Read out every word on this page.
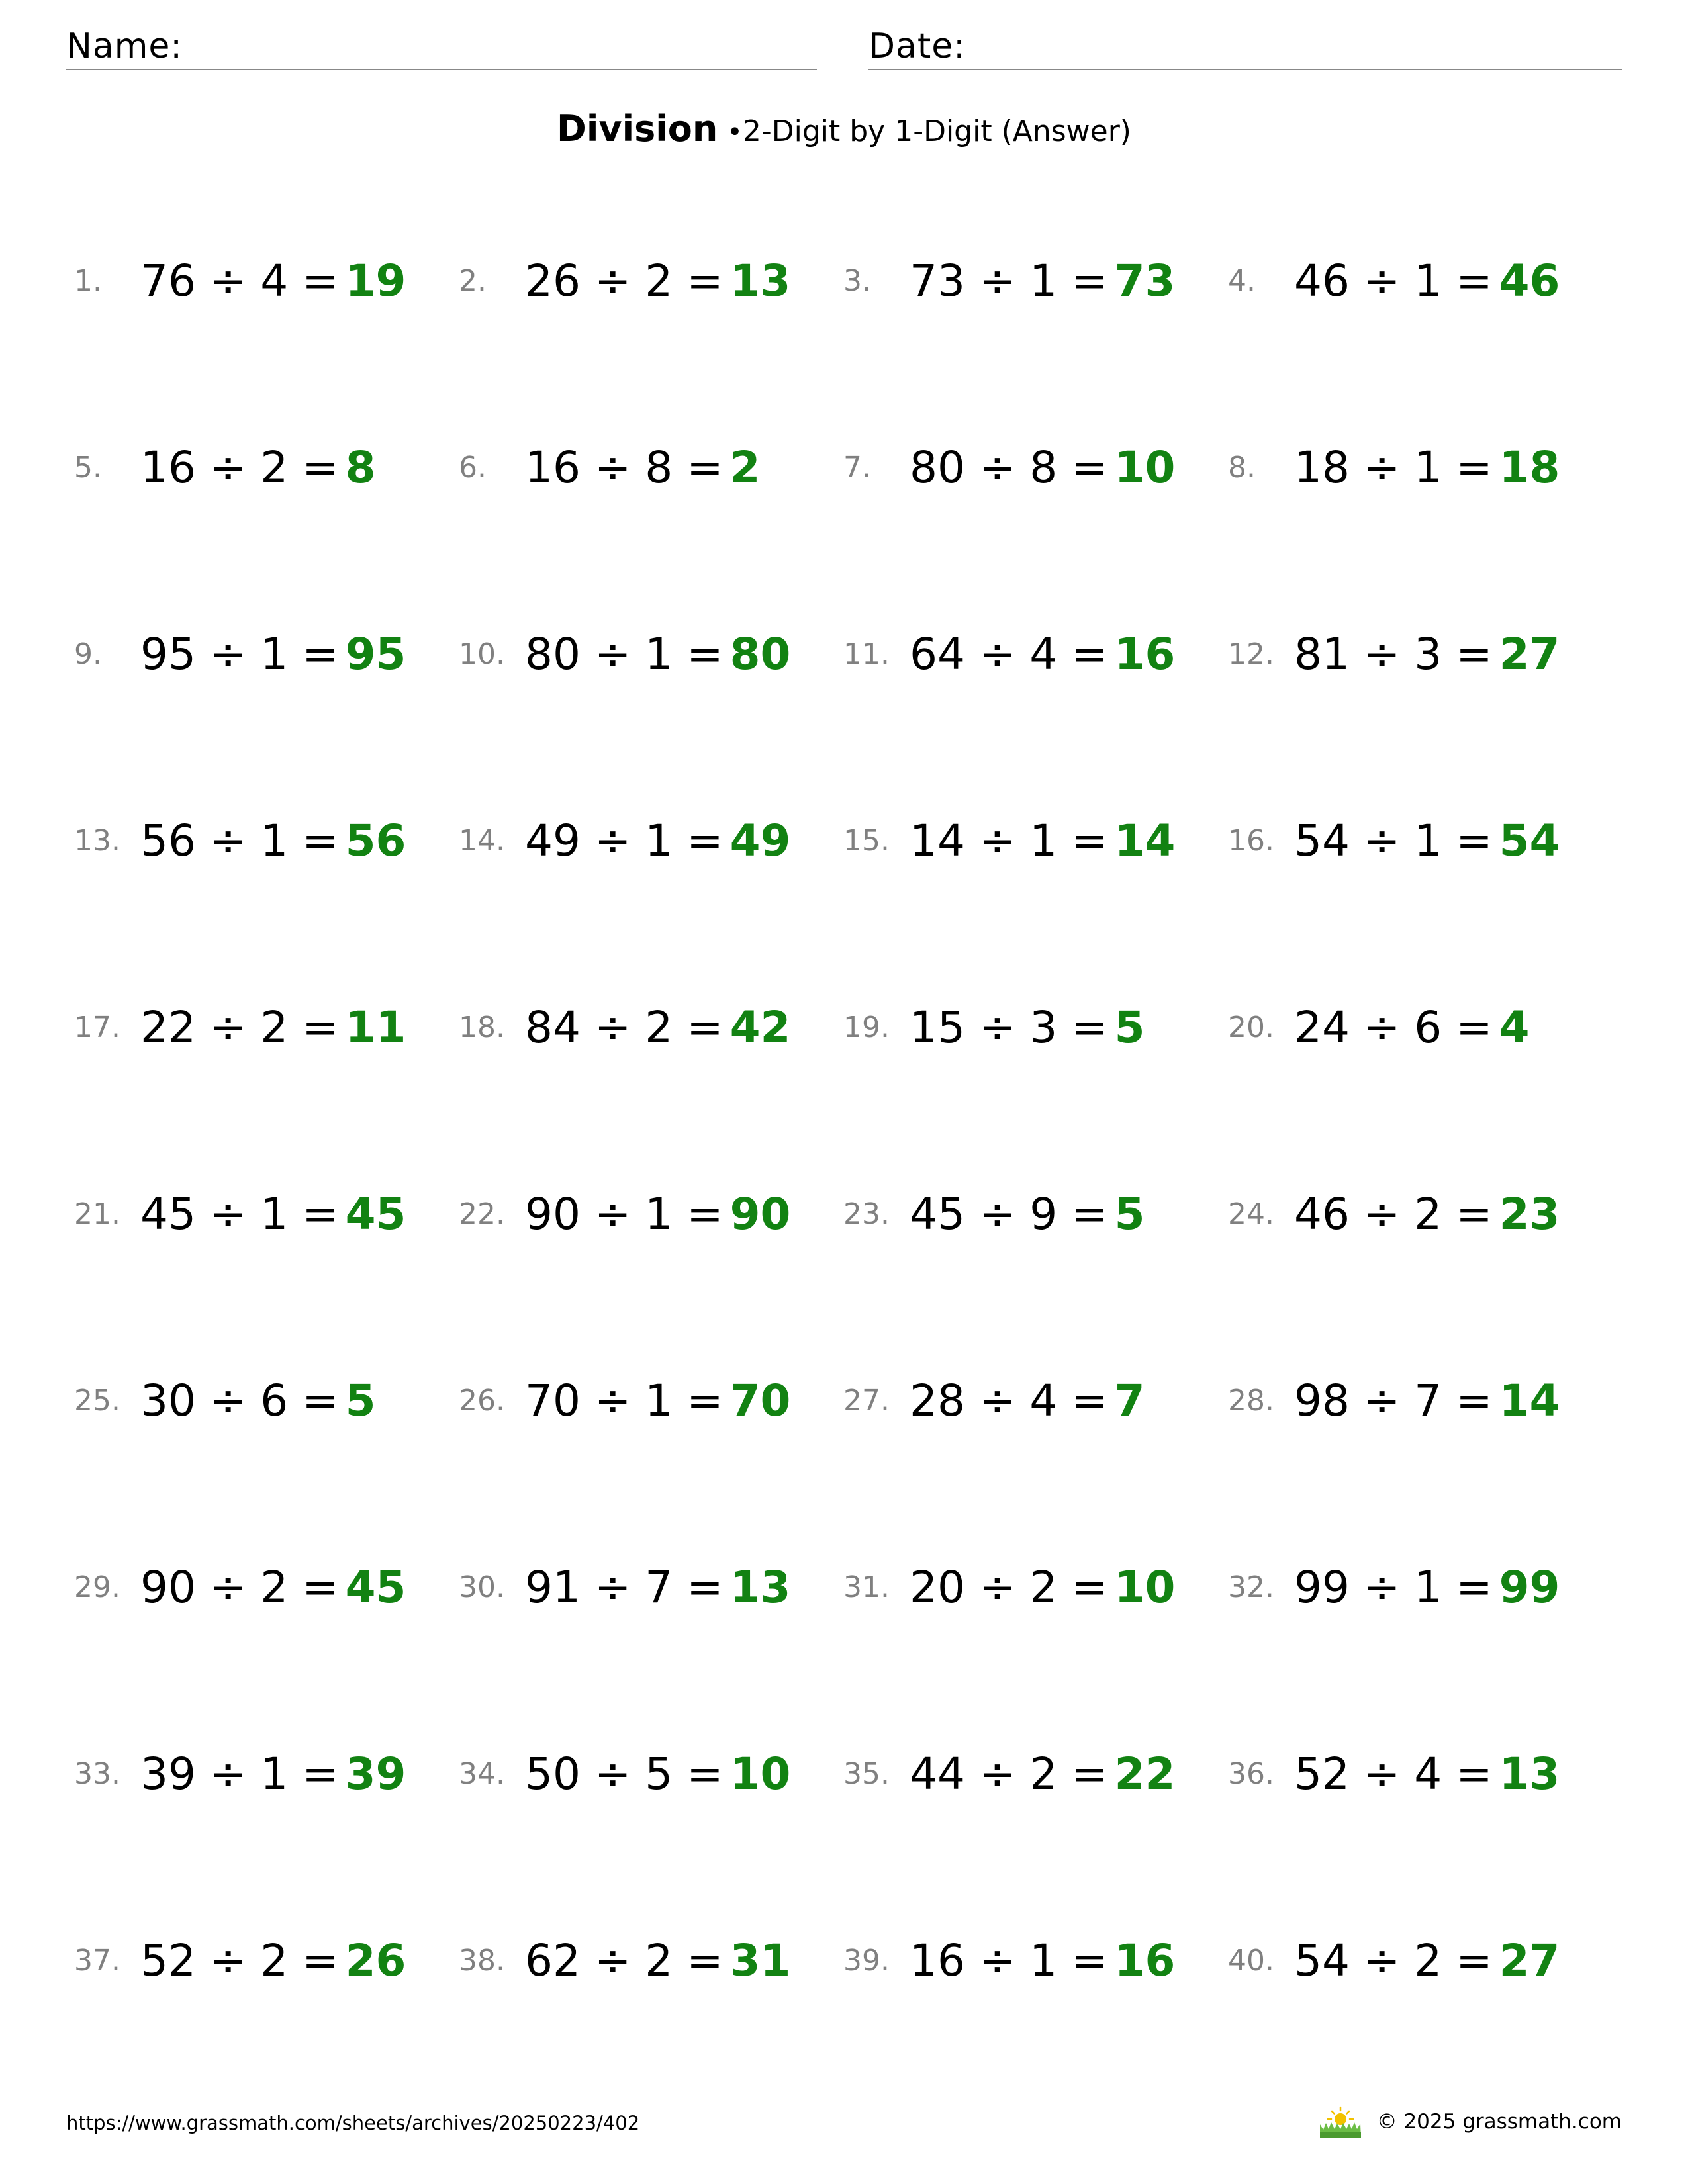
Name:	Date:
Division •2-Digit by 1-Digit (Answer)
1. 76 ÷ 4 = 19 2. 26 ÷ 2 = 13 3. 73 ÷ 1 = 73 4. 46 ÷ 1 = 46
5. 16 ÷ 2 = 8	6. 16 ÷ 8 = 2	7. 80 ÷ 8 = 10 8. 18 ÷ 1 = 18
9. 95 ÷ 1 = 95 10. 80 ÷ 1 = 80 11. 64 ÷ 4 = 16 12. 81 ÷ 3 = 27
13. 56 ÷ 1 = 56 14. 49 ÷ 1 = 49 15. 14 ÷ 1 = 14 16. 54 ÷ 1 = 54
17. 22 ÷ 2 = 11 18. 84 ÷ 2 = 42 19. 15 ÷ 3 = 5	20. 24 ÷ 6 = 4
21. 45 ÷ 1 = 45 22. 90 ÷ 1 = 90 23. 45 ÷ 9 = 5	24. 46 ÷ 2 = 23
25. 30 ÷ 6 = 5	26. 70 ÷ 1 = 70 27. 28 ÷ 4 = 7	28. 98 ÷ 7 = 14
29. 90 ÷ 2 = 45 30. 91 ÷ 7 = 13 31. 20 ÷ 2 = 10 32. 99 ÷ 1 = 99
33. 39 ÷ 1 = 39 34. 50 ÷ 5 = 10 35. 44 ÷ 2 = 22 36. 52 ÷ 4 = 13
37. 52 ÷ 2 = 26 38. 62 ÷ 2 = 31 39. 16 ÷ 1 = 16 40. 54 ÷ 2 = 27
https://www.grassmath.com/sheets/archives/20250223/402	© 2025 grassmath.com
